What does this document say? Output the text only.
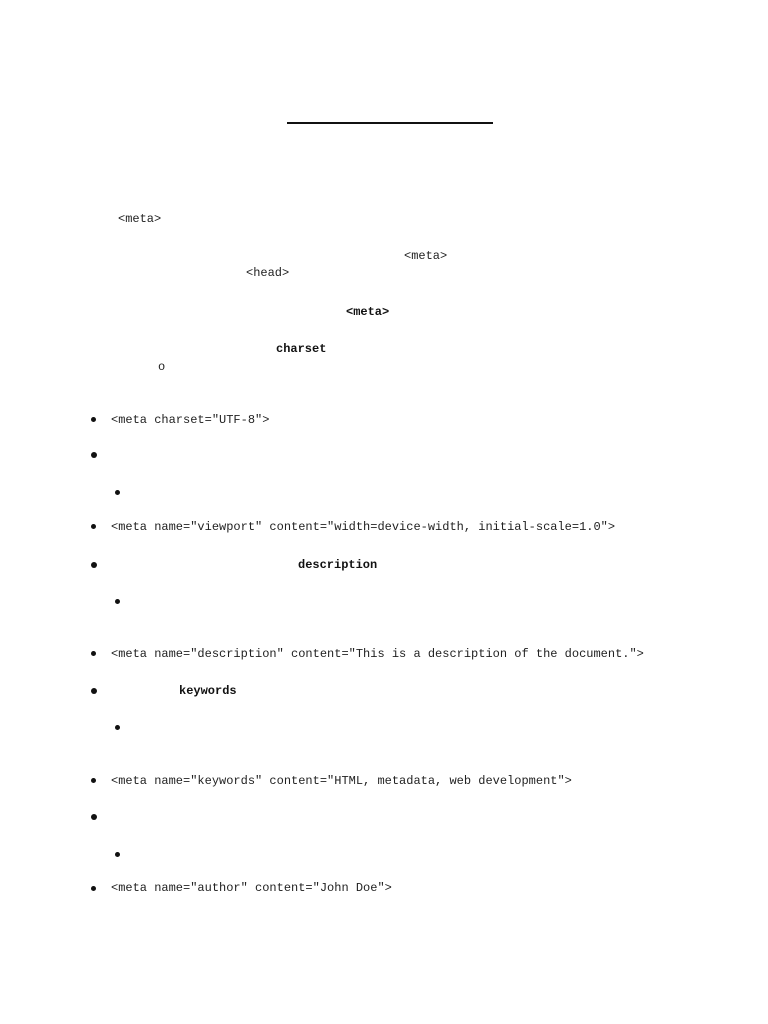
<meta>
<meta>
<head>
<meta>
charset
o
<meta charset="UTF-8">
<meta name="viewport" content="width=device-width, initial-scale=1.0">
description
<meta name="description" content="This is a description of the document.">
keywords
<meta name="keywords" content="HTML, metadata, web development">
<meta name="author" content="John Doe">
